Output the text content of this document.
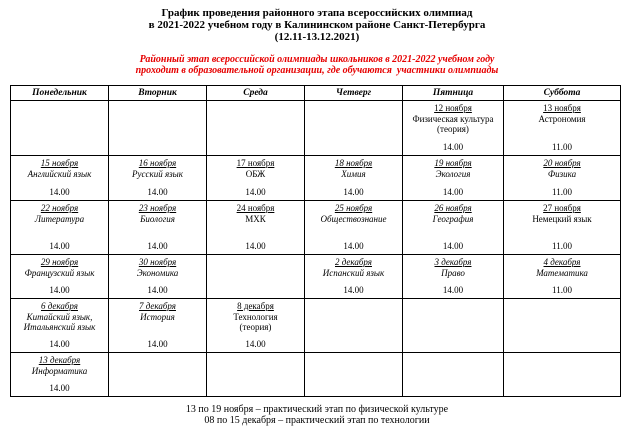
График проведения районного этапа всероссийских олимпиад
в 2021-2022 учебном году в Калининском районе Санкт-Петербурга
(12.11-13.12.2021)
Районный этап всероссийской олимпиады школьников в 2021-2022 учебном году
проходит в образовательной организации, где обучаются  участники олимпиады
Понедельник	Вторник	Среда	Четверг	Пятница	Суббота

				12 ноября
Физическая культура
(теория)
14.00	13 ноября
Астрономия
11.00

15 ноября
Английский язык
14.00	16 ноября
Русский язык
14.00	17 ноября
ОБЖ
14.00	18 ноября
Химия
14.00	19 ноября
Экология
14.00	20 ноября
Физика
11.00

22 ноября
Литература
14.00	23 ноября
Биология
14.00	24 ноября
МХК
14.00	25 ноября
Обществознание
14.00	26 ноября
География
14.00	27 ноября
Немецкий язык
11.00

29 ноября
Французский язык
14.00	30 ноября
Экономика
14.00		2 декабря
Испанский язык
14.00	3 декабря
Право
14.00	4 декабря
Математика
11.00

6 декабря
Китайский язык,
Итальянский язык
14.00	7 декабря
История
14.00	8 декабря
Технология
(теория)
14.00			

13 декабря
Информатика
14.00					

13 по 19 ноября – практический этап по физической культуре
08 по 15 декабря – практический этап по технологии
